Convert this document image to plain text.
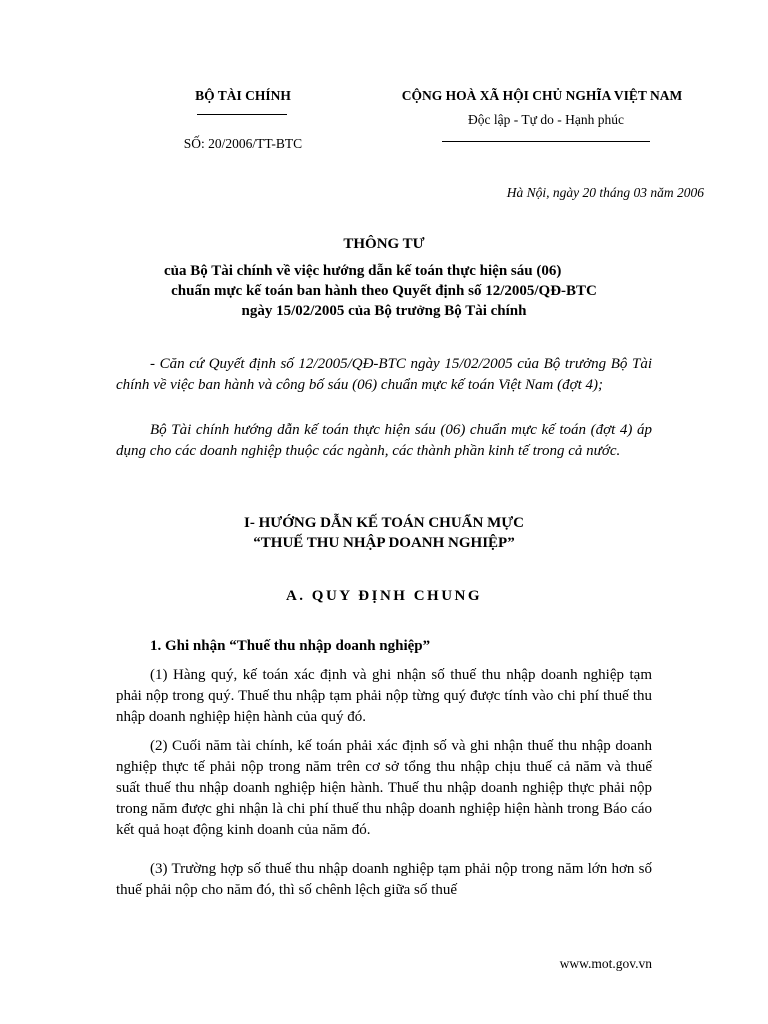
BỘ TÀI CHÍNH
SỐ: 20/2006/TT-BTC
CỘNG HOÀ XÃ HỘI CHỦ NGHĨA VIỆT NAM
Độc lập - Tự do - Hạnh phúc
Hà Nội, ngày 20 tháng 03 năm 2006
THÔNG TƯ
của Bộ Tài chính về việc hướng dẫn kế toán thực hiện sáu (06)
chuẩn mực kế toán ban hành theo Quyết định số 12/2005/QĐ-BTC
ngày 15/02/2005 của Bộ trưởng Bộ Tài chính
- Căn cứ Quyết định số 12/2005/QĐ-BTC ngày 15/02/2005 của Bộ trưởng Bộ Tài chính về việc ban hành và công bố sáu (06) chuẩn mực kế toán Việt Nam (đợt 4);
Bộ Tài chính hướng dẫn kế toán thực hiện sáu (06) chuẩn mực kế toán (đợt 4) áp dụng cho các doanh nghiệp thuộc các ngành, các thành phần kinh tế trong cả nước.
I- HƯỚNG DẪN KẾ TOÁN CHUẨN MỰC
“THUẾ THU NHẬP DOANH NGHIỆP”
A. QUY ĐỊNH CHUNG
1. Ghi nhận “Thuế thu nhập doanh nghiệp”
(1) Hàng quý, kế toán xác định và ghi nhận số thuế thu nhập doanh nghiệp tạm phải nộp trong quý. Thuế thu nhập tạm phải nộp từng quý được tính vào chi phí thuế thu nhập doanh nghiệp hiện hành của quý đó.
(2) Cuối năm tài chính, kế toán phải xác định số và ghi nhận thuế thu nhập doanh nghiệp thực tế phải nộp trong năm trên cơ sở tổng thu nhập chịu thuế cả năm và thuế suất thuế thu nhập doanh nghiệp hiện hành. Thuế thu nhập doanh nghiệp thực phải nộp trong năm được ghi nhận là chi phí thuế thu nhập doanh nghiệp hiện hành trong Báo cáo kết quả hoạt động kinh doanh của năm đó.
(3) Trường hợp số thuế thu nhập doanh nghiệp tạm phải nộp trong năm lớn hơn số thuế phải nộp cho năm đó, thì số chênh lệch giữa số thuế
www.mot.gov.vn
